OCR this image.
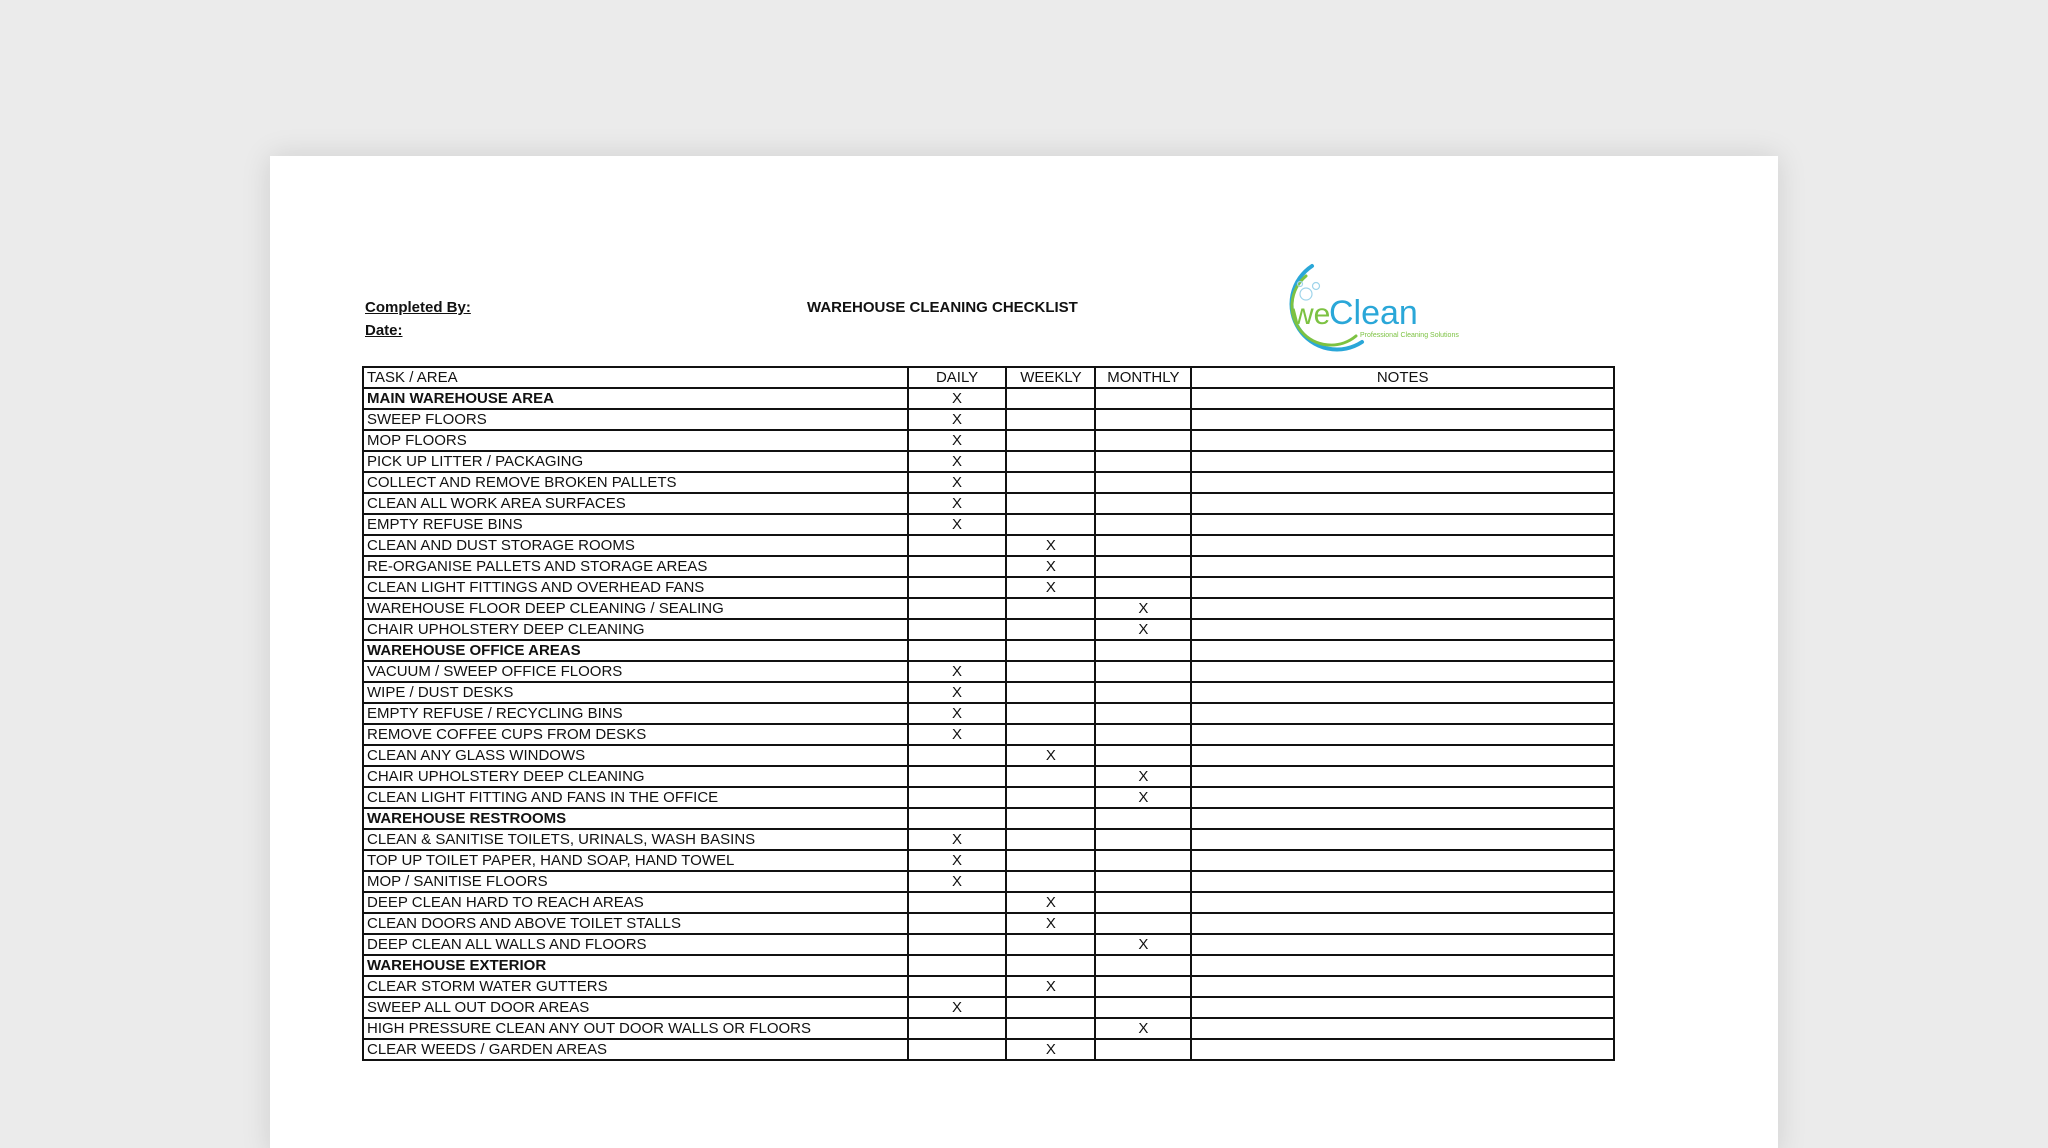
Completed By:
Date:
WAREHOUSE CLEANING CHECKLIST	we
Clean
Professional Cleaning Solutions
TASK / AREA	DAILY	WEEKLY	MONTHLY	NOTES
MAIN WAREHOUSE AREA	X			
SWEEP FLOORS	X			
MOP FLOORS	X			
PICK UP LITTER / PACKAGING	X			
COLLECT AND REMOVE BROKEN PALLETS	X			
CLEAN ALL WORK AREA SURFACES	X			
EMPTY REFUSE BINS	X			
CLEAN AND DUST STORAGE ROOMS		X		
RE-ORGANISE PALLETS AND STORAGE AREAS		X		
CLEAN LIGHT FITTINGS AND OVERHEAD FANS		X		
WAREHOUSE FLOOR DEEP CLEANING / SEALING			X	
CHAIR UPHOLSTERY DEEP CLEANING			X	
WAREHOUSE OFFICE AREAS				
VACUUM / SWEEP OFFICE FLOORS	X			
WIPE / DUST DESKS	X			
EMPTY REFUSE / RECYCLING BINS	X			
REMOVE COFFEE CUPS FROM DESKS	X			
CLEAN ANY GLASS WINDOWS		X		
CHAIR UPHOLSTERY DEEP CLEANING			X	
CLEAN LIGHT FITTING AND FANS IN THE OFFICE			X	
WAREHOUSE RESTROOMS				
CLEAN & SANITISE TOILETS, URINALS, WASH BASINS	X			
TOP UP TOILET PAPER, HAND SOAP, HAND TOWEL	X			
MOP / SANITISE FLOORS	X			
DEEP CLEAN HARD TO REACH AREAS		X		
CLEAN DOORS AND ABOVE TOILET STALLS		X		
DEEP CLEAN ALL WALLS AND FLOORS			X	
WAREHOUSE EXTERIOR				
CLEAR STORM WATER GUTTERS		X		
SWEEP ALL OUT DOOR AREAS	X			
HIGH PRESSURE CLEAN ANY OUT DOOR WALLS OR FLOORS			X	
CLEAR WEEDS / GARDEN AREAS		X		
